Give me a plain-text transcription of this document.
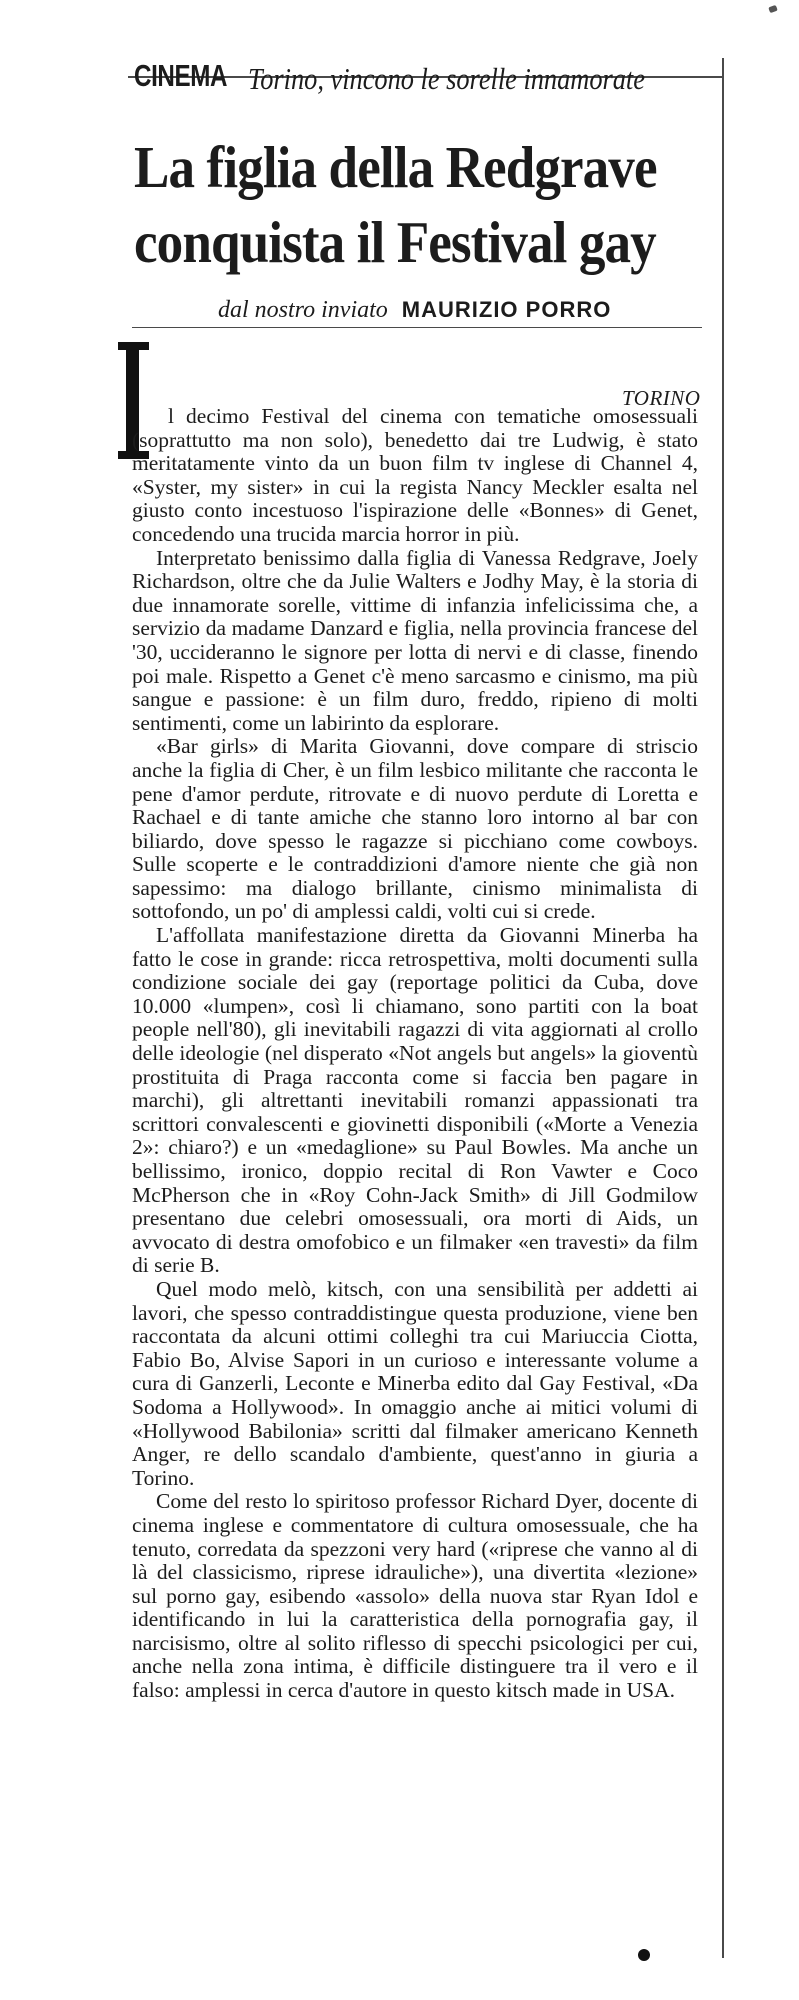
CINEMA Torino, vincono le sorelle innamorate
La figlia della Redgrave
conquista il Festival gay
dal nostro inviato MAURIZIO PORRO
TORINO

l decimo Festival del cinema con tematiche omosessuali (soprattutto ma non solo), benedetto dai tre Ludwig, è stato meritatamente vinto da un buon film tv inglese di Channel 4, «Syster, my sister» in cui la regista Nancy Meckler esalta nel giusto conto incestuoso l'ispirazione delle «Bonnes» di Genet, concedendo una trucida marcia horror in più.

Interpretato benissimo dalla figlia di Vanessa Redgrave, Joely Richardson, oltre che da Julie Walters e Jodhy May, è la storia di due innamorate sorelle, vittime di infanzia infelicissima che, a servizio da madame Danzard e figlia, nella provincia francese del '30, uccideranno le signore per lotta di nervi e di classe, finendo poi male. Rispetto a Genet c'è meno sarcasmo e cinismo, ma più sangue e passione: è un film duro, freddo, ripieno di molti sentimenti, come un labirinto da esplorare.

«Bar girls» di Marita Giovanni, dove compare di striscio anche la figlia di Cher, è un film lesbico militante che racconta le pene d'amor perdute, ritrovate e di nuovo perdute di Loretta e Rachael e di tante amiche che stanno loro intorno al bar con biliardo, dove spesso le ragazze si picchiano come cowboys. Sulle scoperte e le contraddizioni d'amore niente che già non sapessimo: ma dialogo brillante, cinismo minimalista di sottofondo, un po' di amplessi caldi, volti cui si crede.

L'affollata manifestazione diretta da Giovanni Minerba ha fatto le cose in grande: ricca retrospettiva, molti documenti sulla condizione sociale dei gay (reportage politici da Cuba, dove 10.000 «lumpen», così li chiamano, sono partiti con la boat people nell'80), gli inevitabili ragazzi di vita aggiornati al crollo delle ideologie (nel disperato «Not angels but angels» la gioventù prostituita di Praga racconta come si faccia ben pagare in marchi), gli altrettanti inevitabili romanzi appassionati tra scrittori convalescenti e giovinetti disponibili («Morte a Venezia 2»: chiaro?) e un «medaglione» su Paul Bowles. Ma anche un bellissimo, ironico, doppio recital di Ron Vawter e Coco McPherson che in «Roy Cohn-Jack Smith» di Jill Godmilow presentano due celebri omosessuali, ora morti di Aids, un avvocato di destra omofobico e un filmaker «en travesti» da film di serie B.

Quel modo melò, kitsch, con una sensibilità per addetti ai lavori, che spesso contraddistingue questa produzione, viene ben raccontata da alcuni ottimi colleghi tra cui Mariuccia Ciotta, Fabio Bo, Alvise Sapori in un curioso e interessante volume a cura di Ganzerli, Leconte e Minerba edito dal Gay Festival, «Da Sodoma a Hollywood». In omaggio anche ai mitici volumi di «Hollywood Babilonia» scritti dal filmaker americano Kenneth Anger, re dello scandalo d'ambiente, quest'anno in giuria a Torino.

Come del resto lo spiritoso professor Richard Dyer, docente di cinema inglese e commentatore di cultura omosessuale, che ha tenuto, corredata da spezzoni very hard («riprese che vanno al di là del classicismo, riprese idrauliche»), una divertita «lezione» sul porno gay, esibendo «assolo» della nuova star Ryan Idol e identificando in lui la caratteristica della pornografia gay, il narcisismo, oltre al solito riflesso di specchi psicologici per cui, anche nella zona intima, è difficile distinguere tra il vero e il falso: amplessi in cerca d'autore in questo kitsch made in USA.
